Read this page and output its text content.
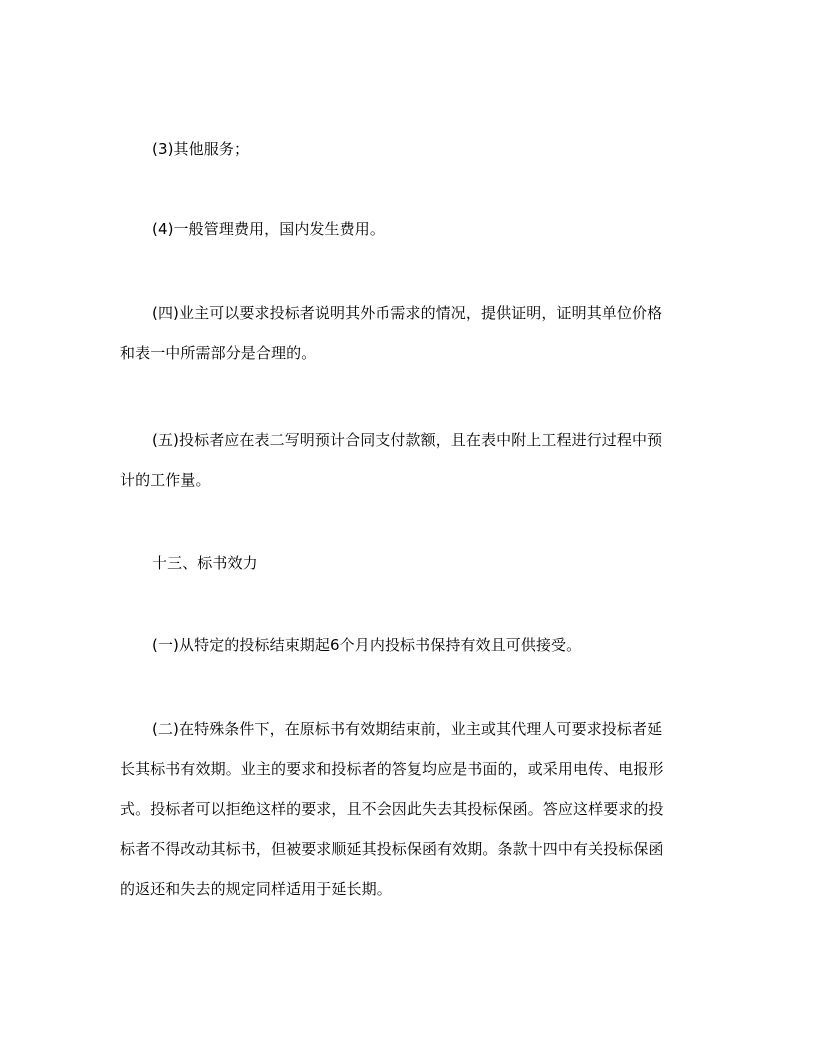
(3)其他服务；

(4)一般管理费用，国内发生费用。

(四)业主可以要求投标者说明其外币需求的情况，提供证明，证明其单位价格
和表一中所需部分是合理的。

(五)投标者应在表二写明预计合同支付款额，且在表中附上工程进行过程中预
计的工作量。

十三、标书效力

(一)从特定的投标结束期起6个月内投标书保持有效且可供接受。

(二)在特殊条件下，在原标书有效期结束前，业主或其代理人可要求投标者延
长其标书有效期。业主的要求和投标者的答复均应是书面的，或采用电传、电报形
式。投标者可以拒绝这样的要求，且不会因此失去其投标保函。答应这样要求的投
标者不得改动其标书，但被要求顺延其投标保函有效期。条款十四中有关投标保函
的返还和失去的规定同样适用于延长期。
